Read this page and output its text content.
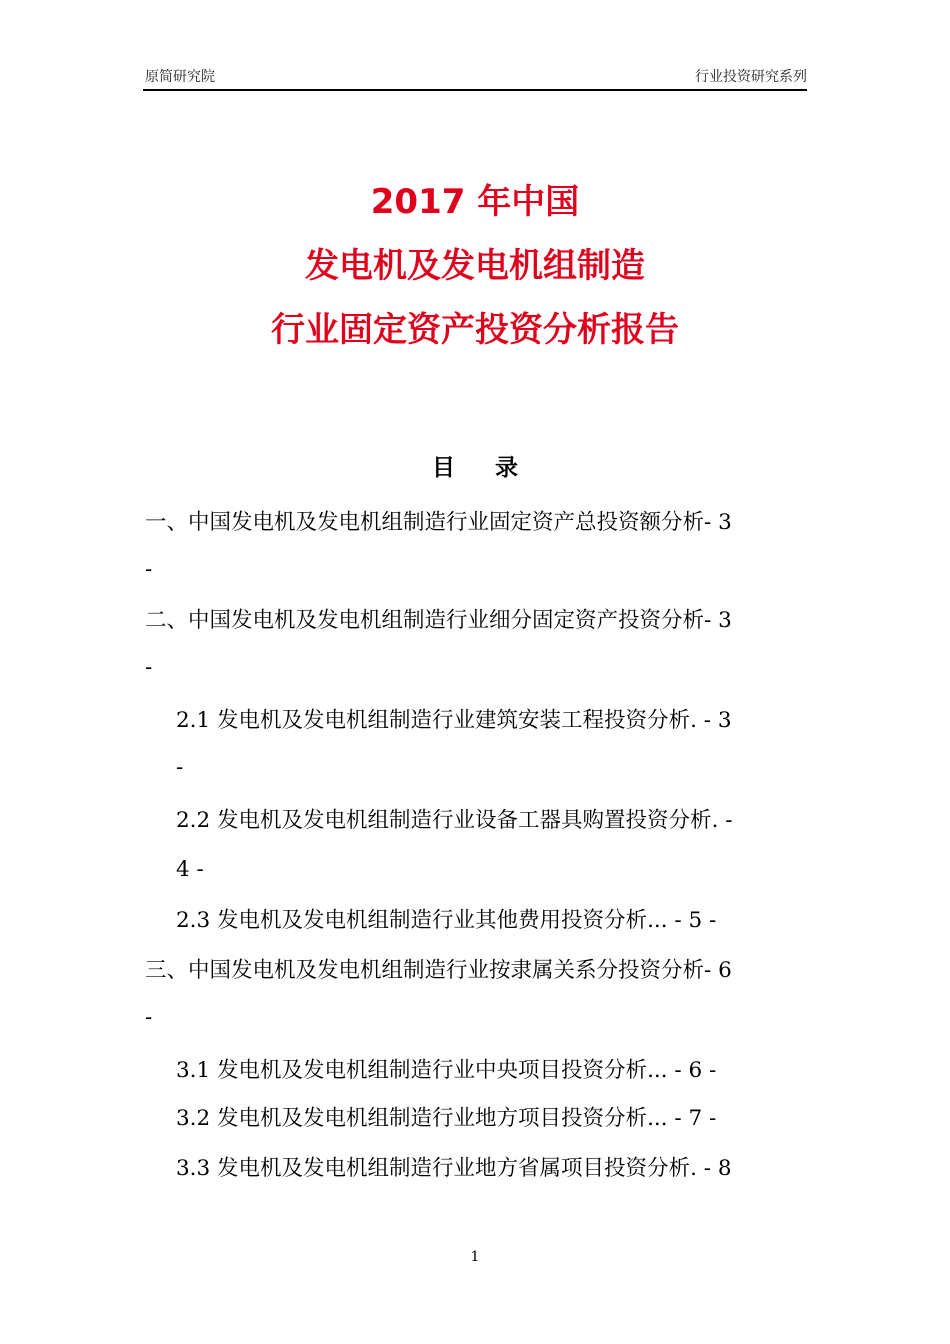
原简研究院	行业投资研究系列
2017 年中国
发电机及发电机组制造
行业固定资产投资分析报告
目 录
一、中国发电机及发电机组制造行业固定资产总投资额分析- 3
-
二、中国发电机及发电机组制造行业细分固定资产投资分析- 3
-
2.1 发电机及发电机组制造行业建筑安装工程投资分析. - 3
-
2.2 发电机及发电机组制造行业设备工器具购置投资分析. -
4 -
2.3 发电机及发电机组制造行业其他费用投资分析... - 5 -
三、中国发电机及发电机组制造行业按隶属关系分投资分析- 6
-
3.1 发电机及发电机组制造行业中央项目投资分析... - 6 -
3.2 发电机及发电机组制造行业地方项目投资分析... - 7 -
3.3 发电机及发电机组制造行业地方省属项目投资分析. - 8
1
